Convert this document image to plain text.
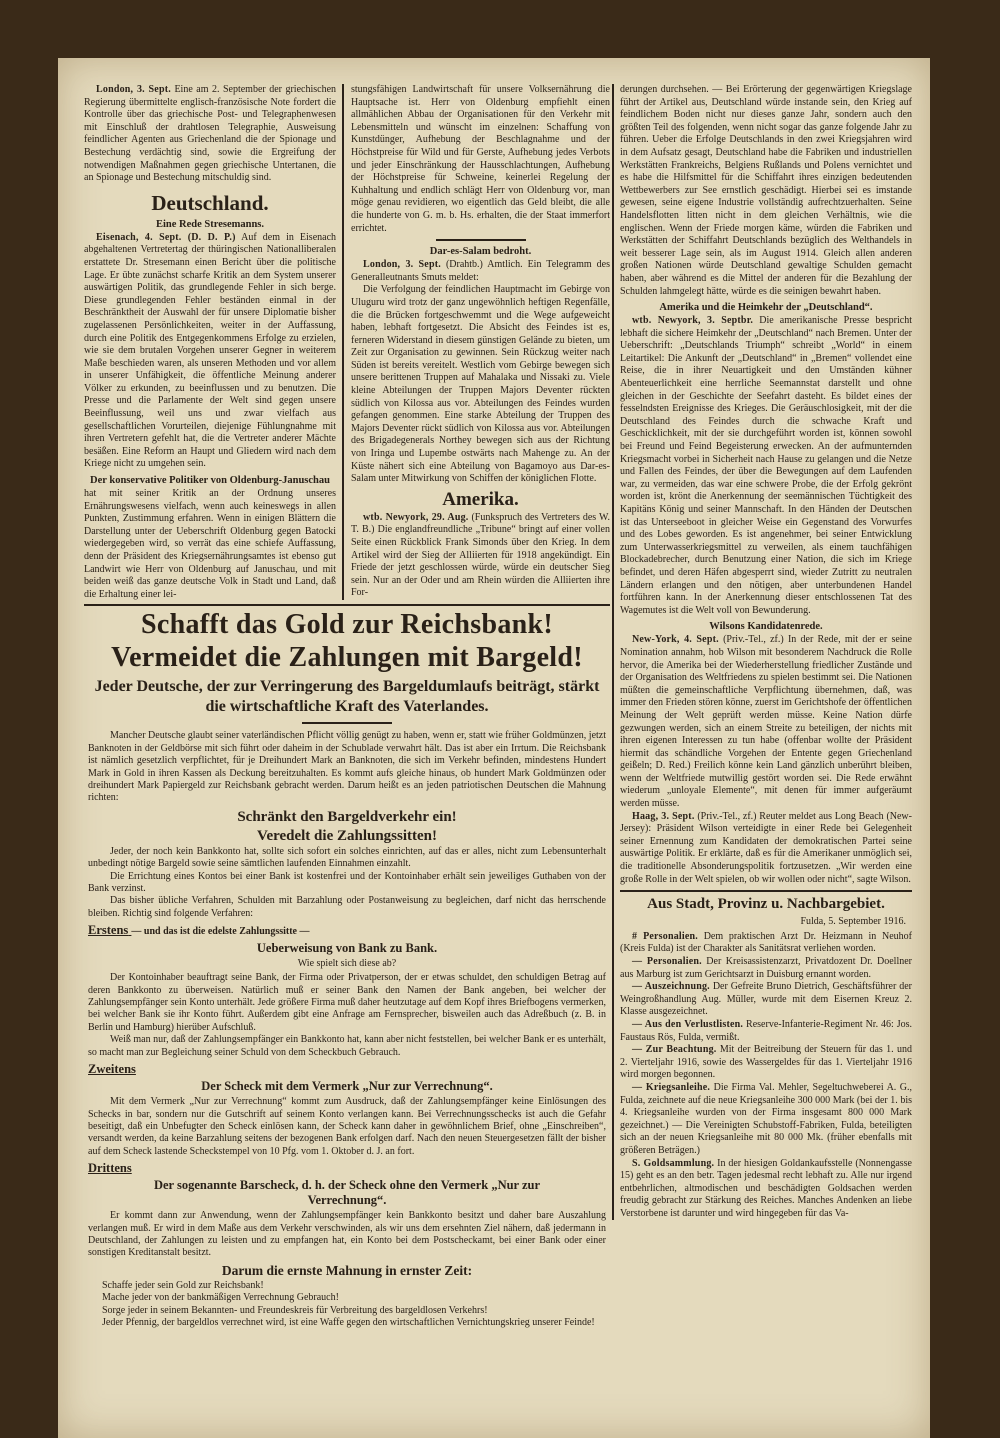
London, 3. Sept. Eine am 2. September der griechischen Regierung übermittelte englisch-französische Note fordert die Kontrolle über das griechische Post- und Telegraphenwesen mit Einschluß der drahtlosen Telegraphie, Ausweisung feindlicher Agenten aus Griechenland die der Spionage und Bestechung verdächtig sind, sowie die Ergreifung der notwendigen Maßnahmen gegen griechische Untertanen, die an Spionage und Bestechung mitschuldig sind.

Deutschland.
Eine Rede Stresemanns.

Eisenach, 4. Sept. (D. D. P.) Auf dem in Eisenach abgehaltenen Vertretertag der thüringischen Nationalliberalen erstattete Dr. Stresemann einen Bericht über die politische Lage. Er übte zunächst scharfe Kritik an dem System unserer auswärtigen Politik, das grundlegende Fehler in sich berge. Diese grundlegenden Fehler beständen einmal in der Beschränktheit der Auswahl der für unsere Diplomatie bisher zugelassenen Persönlichkeiten, weiter in der Auffassung, durch eine Politik des Entgegenkommens Erfolge zu erzielen, wie sie dem brutalen Vorgehen unserer Gegner in weiterem Maße beschieden waren, als unseren Methoden und vor allem in unserer Unfähigkeit, die öffentliche Meinung anderer Völker zu erkunden, zu beeinflussen und zu benutzen. Die Presse und die Parlamente der Welt sind gegen unsere Beeinflussung, weil uns und zwar vielfach aus gesellschaftlichen Vorurteilen, diejenige Fühlungnahme mit ihren Vertretern gefehlt hat, die die Vertreter anderer Mächte besäßen. Eine Reform an Haupt und Gliedern wird nach dem Kriege nicht zu umgehen sein.

Der konservative Politiker von Oldenburg-Januschau

hat mit seiner Kritik an der Ordnung unseres Ernährungswesens vielfach, wenn auch keineswegs in allen Punkten, Zustimmung erfahren. Wenn in einigen Blättern die Darstellung unter der Ueberschrift Oldenburg gegen Batocki wiedergegeben wird, so verrät das eine schiefe Auffassung, denn der Präsident des Kriegsernährungsamtes ist ebenso gut Landwirt wie Herr von Oldenburg auf Januschau, und mit beiden weiß das ganze deutsche Volk in Stadt und Land, daß die Erhaltung einer lei-

stungsfähigen Landwirtschaft für unsere Volksernährung die Hauptsache ist. Herr von Oldenburg empfiehlt einen allmählichen Abbau der Organisationen für den Verkehr mit Lebensmitteln und wünscht im einzelnen: Schaffung von Kunstdünger, Aufhebung der Beschlagnahme und der Höchstpreise für Wild und für Gerste, Aufhebung jedes Verbots und jeder Einschränkung der Hausschlachtungen, Aufhebung der Höchstpreise für Schweine, keinerlei Regelung der Kuhhaltung und endlich schlägt Herr von Oldenburg vor, man möge genau revidieren, wo eigentlich das Geld bleibt, die alle die hunderte von G. m. b. Hs. erhalten, die der Staat immerfort errichtet.

Dar-es-Salam bedroht.

London, 3. Sept. (Drahtb.) Amtlich. Ein Telegramm des Generalleutnants Smuts meldet:

Die Verfolgung der feindlichen Hauptmacht im Gebirge von Uluguru wird trotz der ganz ungewöhnlich heftigen Regenfälle, die die Brücken fortgeschwemmt und die Wege aufgeweicht haben, lebhaft fortgesetzt. Die Absicht des Feindes ist es, ferneren Widerstand in diesem günstigen Gelände zu bieten, um Zeit zur Organisation zu gewinnen. Sein Rückzug weiter nach Süden ist bereits vereitelt. Westlich vom Gebirge bewegen sich unsere berittenen Truppen auf Mahalaka und Nissaki zu. Viele kleine Abteilungen der Truppen Majors Deventer rückten südlich von Kilossa aus vor. Abteilungen des Feindes wurden gefangen genommen. Eine starke Abteilung der Truppen des Majors Deventer rückt südlich von Kilossa aus vor. Abteilungen des Brigadegenerals Northey bewegen sich aus der Richtung von Iringa und Lupembe ostwärts nach Mahenge zu. An der Küste nähert sich eine Abteilung von Bagamoyo aus Dar-es-Salam unter Mitwirkung von Schiffen der königlichen Flotte.

Amerika.

wtb. Newyork, 29. Aug. (Funkspruch des Vertreters des W. T. B.) Die englandfreundliche „Tribune“ bringt auf einer vollen Seite einen Rückblick Frank Simonds über den Krieg. In dem Artikel wird der Sieg der Alliierten für 1918 angekündigt. Ein Friede der jetzt geschlossen würde, würde ein deutscher Sieg sein. Nur an der Oder und am Rhein würden die Alliierten ihre For-

Schafft das Gold zur Reichsbank!
Vermeidet die Zahlungen mit Bargeld!
Jeder Deutsche, der zur Verringerung des Bargeldumlaufs beiträgt, stärkt die wirtschaftliche Kraft des Vaterlandes.

Mancher Deutsche glaubt seiner vaterländischen Pflicht völlig genügt zu haben, wenn er, statt wie früher Goldmünzen, jetzt Banknoten in der Geldbörse mit sich führt oder daheim in der Schublade verwahrt hält. Das ist aber ein Irrtum. Die Reichsbank ist nämlich gesetzlich verpflichtet, für je Dreihundert Mark an Banknoten, die sich im Verkehr befinden, mindestens Hundert Mark in Gold in ihren Kassen als Deckung bereitzuhalten. Es kommt aufs gleiche hinaus, ob hundert Mark Goldmünzen oder dreihundert Mark Papiergeld zur Reichsbank gebracht werden. Darum heißt es an jeden patriotischen Deutschen die Mahnung richten:

Schränkt den Bargeldverkehr ein!
Veredelt die Zahlungssitten!

Jeder, der noch kein Bankkonto hat, sollte sich sofort ein solches einrichten, auf das er alles, nicht zum Lebensunterhalt unbedingt nötige Bargeld sowie seine sämtlichen laufenden Einnahmen einzahlt.

Die Errichtung eines Kontos bei einer Bank ist kostenfrei und der Kontoinhaber erhält sein jeweiliges Guthaben von der Bank verzinst.

Das bisher übliche Verfahren, Schulden mit Barzahlung oder Postanweisung zu begleichen, darf nicht das herrschende bleiben. Richtig sind folgende Verfahren:

Erstens — und das ist die edelste Zahlungssitte —
Ueberweisung von Bank zu Bank.
Wie spielt sich diese ab?

Der Kontoinhaber beauftragt seine Bank, der Firma oder Privatperson, der er etwas schuldet, den schuldigen Betrag auf deren Bankkonto zu überweisen. Natürlich muß er seiner Bank den Namen der Bank angeben, bei welcher der Zahlungsempfänger sein Konto unterhält. Jede größere Firma muß daher heutzutage auf dem Kopf ihres Briefbogens vermerken, bei welcher Bank sie ihr Konto führt. Außerdem gibt eine Anfrage am Fernsprecher, bisweilen auch das Adreßbuch (z. B. in Berlin und Hamburg) hierüber Aufschluß.

Weiß man nur, daß der Zahlungsempfänger ein Bankkonto hat, kann aber nicht feststellen, bei welcher Bank er es unterhält, so macht man zur Begleichung seiner Schuld von dem Scheckbuch Gebrauch.

Zweitens
Der Scheck mit dem Vermerk „Nur zur Verrechnung“.

Mit dem Vermerk „Nur zur Verrechnung“ kommt zum Ausdruck, daß der Zahlungsempfänger keine Einlösungen des Schecks in bar, sondern nur die Gutschrift auf seinem Konto verlangen kann. Bei Verrechnungsschecks ist auch die Gefahr beseitigt, daß ein Unbefugter den Scheck einlösen kann, der Scheck kann daher in gewöhnlichem Brief, ohne „Einschreiben“, versandt werden, da keine Barzahlung seitens der bezogenen Bank erfolgen darf. Nach den neuen Steuergesetzen fällt der bisher auf dem Scheck lastende Scheckstempel von 10 Pfg. vom 1. Oktober d. J. an fort.

Drittens
Der sogenannte Barscheck, d. h. der Scheck ohne den Vermerk „Nur zur Verrechnung“.

Er kommt dann zur Anwendung, wenn der Zahlungsempfänger kein Bankkonto besitzt und daher bare Auszahlung verlangen muß. Er wird in dem Maße aus dem Verkehr verschwinden, als wir uns dem ersehnten Ziel nähern, daß jedermann in Deutschland, der Zahlungen zu leisten und zu empfangen hat, ein Konto bei dem Postscheckamt, bei einer Bank oder einer sonstigen Kreditanstalt besitzt.

Darum die ernste Mahnung in ernster Zeit:
Schaffe jeder sein Gold zur Reichsbank!
Mache jeder von der bankmäßigen Verrechnung Gebrauch!
Sorge jeder in seinem Bekannten- und Freundeskreis für Verbreitung des bargeldlosen Verkehrs!
Jeder Pfennig, der bargeldlos verrechnet wird, ist eine Waffe gegen den wirtschaftlichen Vernichtungskrieg unserer Feinde!

derungen durchsehen. — Bei Erörterung der gegenwärtigen Kriegslage führt der Artikel aus, Deutschland würde instande sein, den Krieg auf feindlichem Boden nicht nur dieses ganze Jahr, sondern auch den größten Teil des folgenden, wenn nicht sogar das ganze folgende Jahr zu führen. Ueber die Erfolge Deutschlands in den zwei Kriegsjahren wird in dem Aufsatz gesagt, Deutschland habe die Fabriken und industriellen Werkstätten Frankreichs, Belgiens Rußlands und Polens vernichtet und es habe die Hilfsmittel für die Schiffahrt ihres einzigen bedeutenden Wettbewerbers zur See ernstlich geschädigt. Hierbei sei es imstande gewesen, seine eigene Industrie vollständig aufrechtzuerhalten. Seine Handelsflotten litten nicht in dem gleichen Verhältnis, wie die englischen. Wenn der Friede morgen käme, würden die Fabriken und Werkstätten der Schiffahrt Deutschlands bezüglich des Welthandels in weit besserer Lage sein, als im August 1914. Gleich allen anderen großen Nationen würde Deutschland gewaltige Schulden gemacht haben, aber während es die Mittel der anderen für die Bezahlung der Schulden lahmgelegt hätte, würde es die seinigen bewahrt haben.

Amerika und die Heimkehr der „Deutschland“.

wtb. Newyork, 3. Septbr. Die amerikanische Presse bespricht lebhaft die sichere Heimkehr der „Deutschland“ nach Bremen. Unter der Ueberschrift: „Deutschlands Triumph“ schreibt „World“ in einem Leitartikel: Die Ankunft der „Deutschland“ in „Bremen“ vollendet eine Reise, die in ihrer Neuartigkeit und den Umständen kühner Abenteuerlichkeit eine herrliche Seemannstat darstellt und ohne gleichen in der Geschichte der Seefahrt dasteht. Es bildet eines der fesselndsten Ereignisse des Krieges. Die Geräuschlosigkeit, mit der die Deutschland des Feindes durch die schwache Kraft und Geschicklichkeit, mit der sie durchgeführt worden ist, können sowohl bei Freund und Feind Begeisterung erwecken. An der aufmunternden Kriegsmacht vorbei in Sicherheit nach Hause zu gelangen und die Netze und Fallen des Feindes, der über die Bewegungen auf dem Laufenden war, zu vermeiden, das war eine schwere Probe, die der Erfolg gekrönt worden ist, krönt die Anerkennung der seemännischen Tüchtigkeit des Kapitäns König und seiner Mannschaft. In den Händen der Deutschen ist das Unterseeboot in gleicher Weise ein Gegenstand des Vorwurfes und des Lobes geworden. Es ist angenehmer, bei seiner Entwicklung zum Unterwasserkriegsmittel zu verweilen, als einem tauchfähigen Blockadebrecher, durch Benutzung einer Nation, die sich im Kriege befindet, und deren Häfen abgesperrt sind, wieder Zutritt zu neutralen Ländern erlangen und den nötigen, aber unterbundenen Handel fortführen kann. In der Anerkennung dieser entschlossenen Tat des Wagemutes ist die Welt voll von Bewunderung.

Wilsons Kandidatenrede.

New-York, 4. Sept. (Priv.-Tel., zf.) In der Rede, mit der er seine Nomination annahm, hob Wilson mit besonderem Nachdruck die Rolle hervor, die Amerika bei der Wiederherstellung friedlicher Zustände und der Organisation des Weltfriedens zu spielen bestimmt sei. Die Nationen müßten die gemeinschaftliche Verpflichtung übernehmen, daß, was immer den Frieden stören könne, zuerst im Gerichtshofe der öffentlichen Meinung der Welt geprüft werden müsse. Keine Nation dürfe gezwungen werden, sich an einem Streite zu beteiligen, der nichts mit ihren eigenen Interessen zu tun habe (offenbar wollte der Präsident hiermit das schändliche Vorgehen der Entente gegen Griechenland geißeln; D. Red.) Freilich könne kein Land gänzlich unberührt bleiben, wenn der Weltfriede mutwillig gestört worden sei. Die Rede erwähnt wiederum „unloyale Elemente“, mit denen für immer aufgeräumt werden müsse.

Haag, 3. Sept. (Priv.-Tel., zf.) Reuter meldet aus Long Beach (New-Jersey): Präsident Wilson verteidigte in einer Rede bei Gelegenheit seiner Ernennung zum Kandidaten der demokratischen Partei seine auswärtige Politik. Er erklärte, daß es für die Amerikaner unmöglich sei, die traditionelle Absonderungspolitik fortzusetzen. „Wir werden eine große Rolle in der Welt spielen, ob wir wollen oder nicht“, sagte Wilson.

Aus Stadt, Provinz u. Nachbargebiet.
Fulda, 5. September 1916.

# Personalien. Dem praktischen Arzt Dr. Heizmann in Neuhof (Kreis Fulda) ist der Charakter als Sanitätsrat verliehen worden.

— Personalien. Der Kreisassistenzarzt, Privatdozent Dr. Doellner aus Marburg ist zum Gerichtsarzt in Duisburg ernannt worden.

— Auszeichnung. Der Gefreite Bruno Dietrich, Geschäftsführer der Weingroßhandlung Aug. Müller, wurde mit dem Eisernen Kreuz 2. Klasse ausgezeichnet.

— Aus den Verlustlisten. Reserve-Infanterie-Regiment Nr. 46: Jos. Faustaus Rös, Fulda, vermißt.

— Zur Beachtung. Mit der Beitreibung der Steuern für das 1. und 2. Vierteljahr 1916, sowie des Wassergeldes für das 1. Vierteljahr 1916 wird morgen begonnen.

— Kriegsanleihe. Die Firma Val. Mehler, Segeltuchweberei A. G., Fulda, zeichnete auf die neue Kriegsanleihe 300 000 Mark (bei der 1. bis 4. Kriegsanleihe wurden von der Firma insgesamt 800 000 Mark gezeichnet.) — Die Vereinigten Schubstoff-Fabriken, Fulda, beteiligten sich an der neuen Kriegsanleihe mit 80 000 Mk. (früher ebenfalls mit größeren Beträgen.)

S. Goldsammlung. In der hiesigen Goldankaufsstelle (Nonnengasse 15) geht es an den betr. Tagen jedesmal recht lebhaft zu. Alle nur irgend entbehrlichen, altmodischen und beschädigten Goldsachen werden freudig gebracht zur Stärkung des Reiches. Manches Andenken an liebe Verstorbene ist darunter und wird hingegeben für das Va-
